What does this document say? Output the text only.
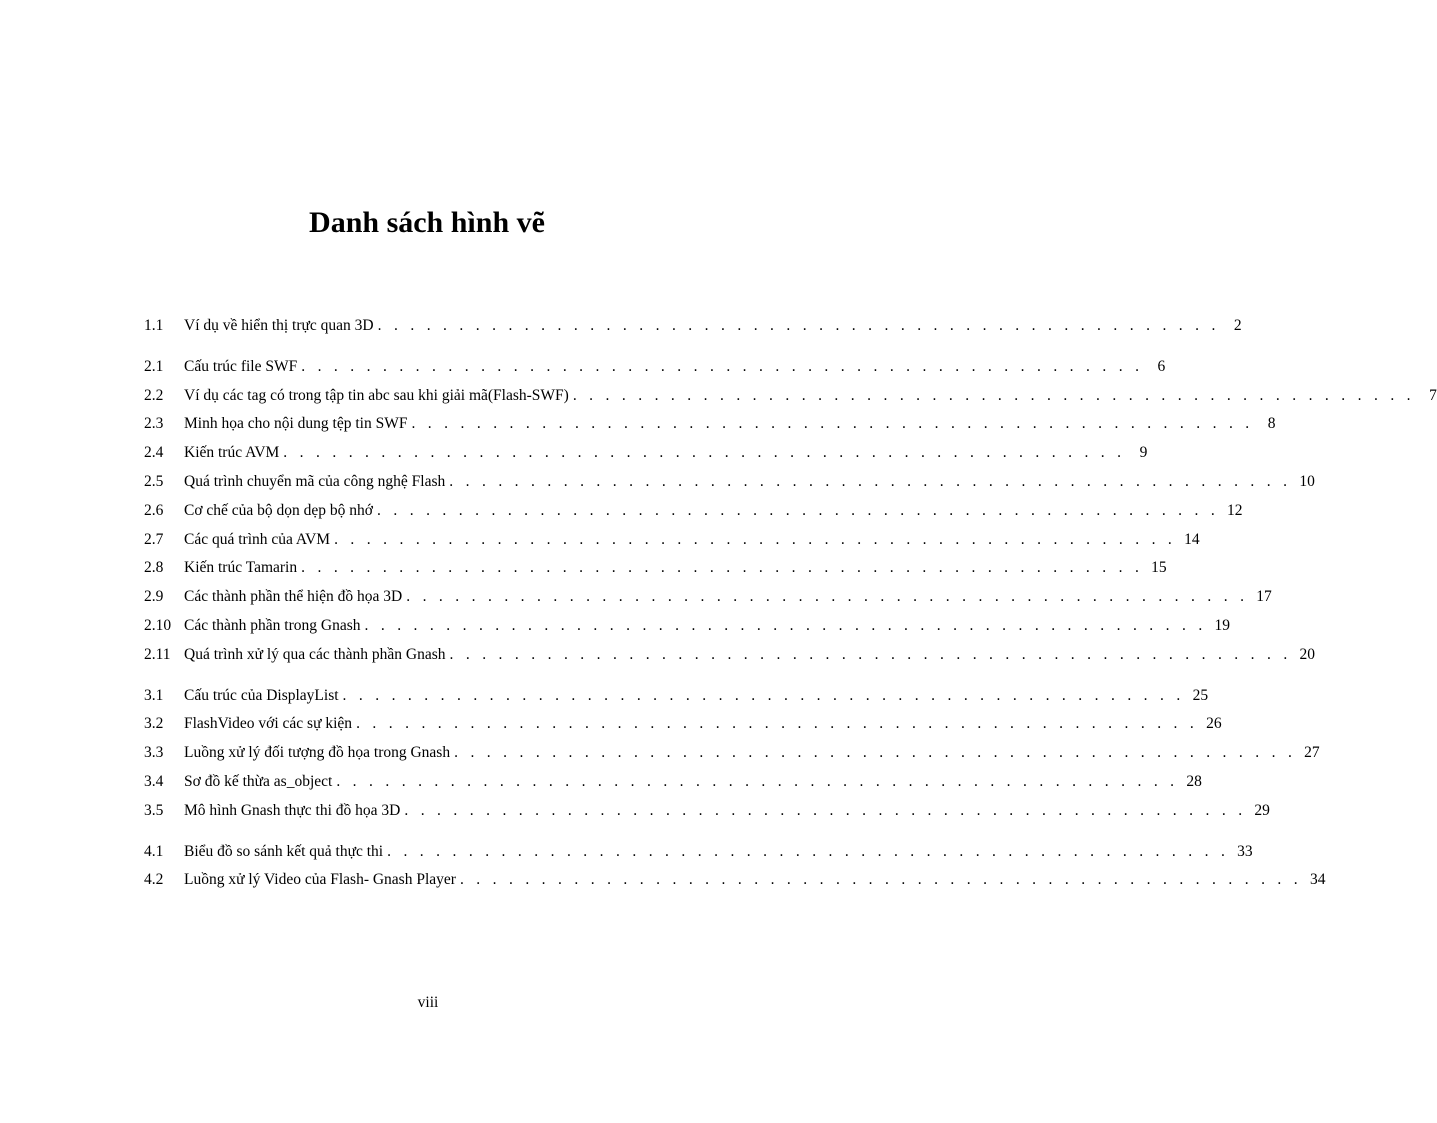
Danh sách hình vẽ
1.1	Ví dụ về hiển thị trực quan 3D . . . . . . . . . . . . . . . . . . . . . . . . . . . . . . . . . . . . . . . . . . . . . . . . . . . . 2
2.1	Cấu trúc file SWF . . . . . . . . . . . . . . . . . . . . . . . . . . . . . . . . . . . . . . . . . . . . . . . . . . . . 6
2.2	Ví dụ các tag có trong tập tin abc sau khi giải mã(Flash-SWF) . . . . . . . . . . . . . . . . . . . . . . . . . . . . . . . . . . . . . . . . . . . . . . . . . . . . 7
2.3	Minh họa cho nội dung tệp tin SWF . . . . . . . . . . . . . . . . . . . . . . . . . . . . . . . . . . . . . . . . . . . . . . . . . . . . 8
2.4	Kiến trúc AVM . . . . . . . . . . . . . . . . . . . . . . . . . . . . . . . . . . . . . . . . . . . . . . . . . . . . 9
2.5	Quá trình chuyển mã của công nghệ Flash . . . . . . . . . . . . . . . . . . . . . . . . . . . . . . . . . . . . . . . . . . . . . . . . . . . . 10
2.6	Cơ chế của bộ dọn dẹp bộ nhớ . . . . . . . . . . . . . . . . . . . . . . . . . . . . . . . . . . . . . . . . . . . . . . . . . . . . 12
2.7	Các quá trình của AVM . . . . . . . . . . . . . . . . . . . . . . . . . . . . . . . . . . . . . . . . . . . . . . . . . . . . 14
2.8	Kiến trúc Tamarin . . . . . . . . . . . . . . . . . . . . . . . . . . . . . . . . . . . . . . . . . . . . . . . . . . . . 15
2.9	Các thành phần thể hiện đồ họa 3D . . . . . . . . . . . . . . . . . . . . . . . . . . . . . . . . . . . . . . . . . . . . . . . . . . . . 17
2.10 Các thành phần trong Gnash . . . . . . . . . . . . . . . . . . . . . . . . . . . . . . . . . . . . . . . . . . . . . . . . . . . . 19
2.11 Quá trình xử lý qua các thành phần Gnash . . . . . . . . . . . . . . . . . . . . . . . . . . . . . . . . . . . . . . . . . . . . . . . . . . . . 20
3.1	Cấu trúc của DisplayList . . . . . . . . . . . . . . . . . . . . . . . . . . . . . . . . . . . . . . . . . . . . . . . . . . . . 25
3.2	FlashVideo với các sự kiện . . . . . . . . . . . . . . . . . . . . . . . . . . . . . . . . . . . . . . . . . . . . . . . . . . . . 26
3.3	Luồng xử lý đối tượng đồ họa trong Gnash . . . . . . . . . . . . . . . . . . . . . . . . . . . . . . . . . . . . . . . . . . . . . . . . . . . . 27
3.4	Sơ đồ kế thừa as_object . . . . . . . . . . . . . . . . . . . . . . . . . . . . . . . . . . . . . . . . . . . . . . . . . . . . 28
3.5	Mô hình Gnash thực thi đồ họa 3D . . . . . . . . . . . . . . . . . . . . . . . . . . . . . . . . . . . . . . . . . . . . . . . . . . . . 29
4.1	Biểu đồ so sánh kết quả thực thi . . . . . . . . . . . . . . . . . . . . . . . . . . . . . . . . . . . . . . . . . . . . . . . . . . . . 33
4.2	Luồng xử lý Video của Flash- Gnash Player . . . . . . . . . . . . . . . . . . . . . . . . . . . . . . . . . . . . . . . . . . . . . . . . . . . . 34
viii
